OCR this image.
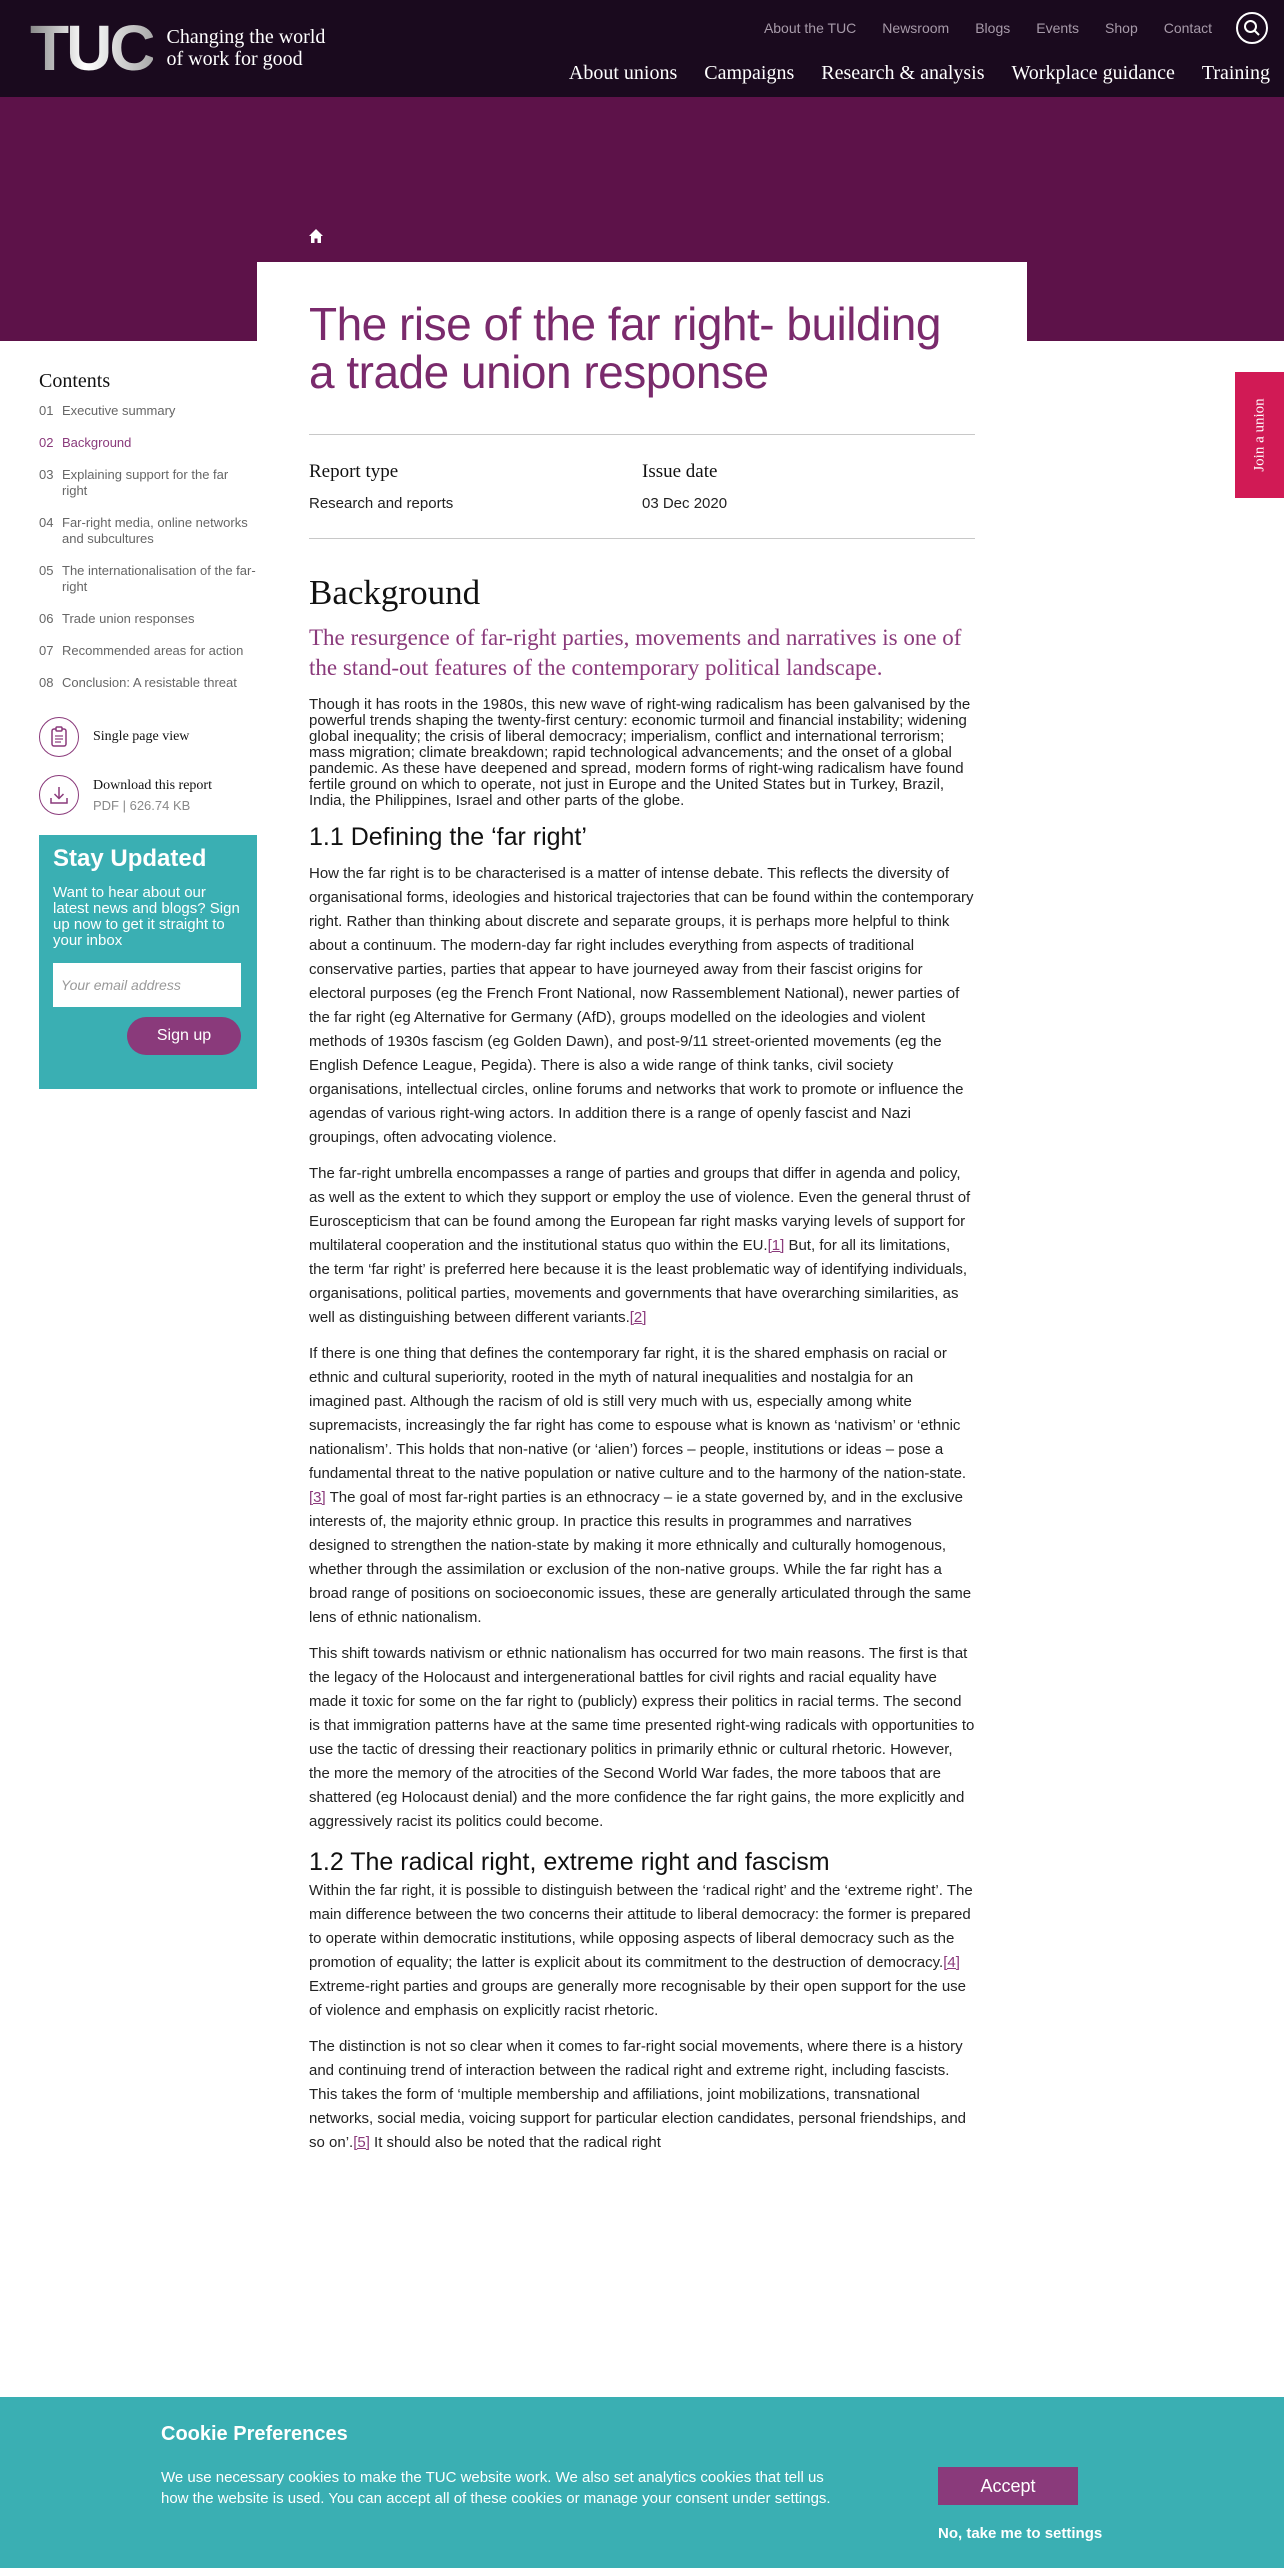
TUC Changing the world
of work for good
About the TUC Newsroom Blogs Events Shop Contact
About unions Campaigns Research & analysis Workplace guidance Training
The rise of the far right- building a trade union response
Report type
Research and reports
Issue date
03 Dec 2020
Background

The resurgence of far-right parties, movements and narratives is one of the stand-out features of the contemporary political landscape.

Though it has roots in the 1980s, this new wave of right-wing radicalism has been galvanised by the powerful trends shaping the twenty-first century: economic turmoil and financial instability; widening global inequality; the crisis of liberal democracy; imperialism, conflict and international terrorism; mass migration; climate breakdown; rapid technological advancements; and the onset of a global pandemic. As these have deepened and spread, modern forms of right-wing radicalism have found fertile ground on which to operate, not just in Europe and the United States but in Turkey, Brazil, India, the Philippines, Israel and other parts of the globe.

1.1 Defining the ‘far right’

How the far right is to be characterised is a matter of intense debate. This reflects the diversity of organisational forms, ideologies and historical trajectories that can be found within the contemporary right. Rather than thinking about discrete and separate groups, it is perhaps more helpful to think about a continuum. The modern-day far right includes everything from aspects of traditional conservative parties, parties that appear to have journeyed away from their fascist origins for electoral purposes (eg the French Front National, now Rassemblement National), newer parties of the far right (eg Alternative for Germany (AfD), groups modelled on the ideologies and violent methods of 1930s fascism (eg Golden Dawn), and post-9/11 street-oriented movements (eg the English Defence League, Pegida). There is also a wide range of think tanks, civil society organisations, intellectual circles, online forums and networks that work to promote or influence the agendas of various right-wing actors. In addition there is a range of openly fascist and Nazi groupings, often advocating violence.

The far-right umbrella encompasses a range of parties and groups that differ in agenda and policy, as well as the extent to which they support or employ the use of violence. Even the general thrust of Euroscepticism that can be found among the European far right masks varying levels of support for multilateral cooperation and the institutional status quo within the EU.[1] But, for all its limitations, the term ‘far right’ is preferred here because it is the least problematic way of identifying individuals, organisations, political parties, movements and governments that have overarching similarities, as well as distinguishing between different variants.[2]

If there is one thing that defines the contemporary far right, it is the shared emphasis on racial or ethnic and cultural superiority, rooted in the myth of natural inequalities and nostalgia for an imagined past. Although the racism of old is still very much with us, especially among white supremacists, increasingly the far right has come to espouse what is known as ‘nativism’ or ‘ethnic nationalism’. This holds that non-native (or ‘alien’) forces – people, institutions or ideas – pose a fundamental threat to the native population or native culture and to the harmony of the nation-state.[3] The goal of most far-right parties is an ethnocracy – ie a state governed by, and in the exclusive interests of, the majority ethnic group. In practice this results in programmes and narratives designed to strengthen the nation-state by making it more ethnically and culturally homogenous, whether through the assimilation or exclusion of the non-native groups. While the far right has a broad range of positions on socioeconomic issues, these are generally articulated through the same lens of ethnic nationalism.

This shift towards nativism or ethnic nationalism has occurred for two main reasons. The first is that the legacy of the Holocaust and intergenerational battles for civil rights and racial equality have made it toxic for some on the far right to (publicly) express their politics in racial terms. The second is that immigration patterns have at the same time presented right-wing radicals with opportunities to use the tactic of dressing their reactionary politics in primarily ethnic or cultural rhetoric. However, the more the memory of the atrocities of the Second World War fades, the more taboos that are shattered (eg Holocaust denial) and the more confidence the far right gains, the more explicitly and aggressively racist its politics could become.

1.2 The radical right, extreme right and fascism

Within the far right, it is possible to distinguish between the ‘radical right’ and the ‘extreme right’. The main difference between the two concerns their attitude to liberal democracy: the former is prepared to operate within democratic institutions, while opposing aspects of liberal democracy such as the promotion of equality; the latter is explicit about its commitment to the destruction of democracy.[4] Extreme-right parties and groups are generally more recognisable by their open support for the use of violence and emphasis on explicitly racist rhetoric.

The distinction is not so clear when it comes to far-right social movements, where there is a history and continuing trend of interaction between the radical right and extreme right, including fascists. This takes the form of ‘multiple membership and affiliations, joint mobilizations, transnational networks, social media, voicing support for particular election candidates, personal friendships, and so on’.[5] It should also be noted that the radical right

Contents
01 Executive summary
02 Background
03 Explaining support for the far right
04 Far-right media, online networks and subcultures
05 The internationalisation of the far-right
06 Trade union responses
07 Recommended areas for action
08 Conclusion: A resistable threat
Single page view
Download this report
PDF | 626.74 KB
Stay Updated
Want to hear about our latest news and blogs? Sign up now to get it straight to your inbox
Your email address
Sign up
Join a union
Cookie Preferences
We use necessary cookies to make the TUC website work. We also set analytics cookies that tell us how the website is used. You can accept all of these cookies or manage your consent under settings.
Accept
No, take me to settings
